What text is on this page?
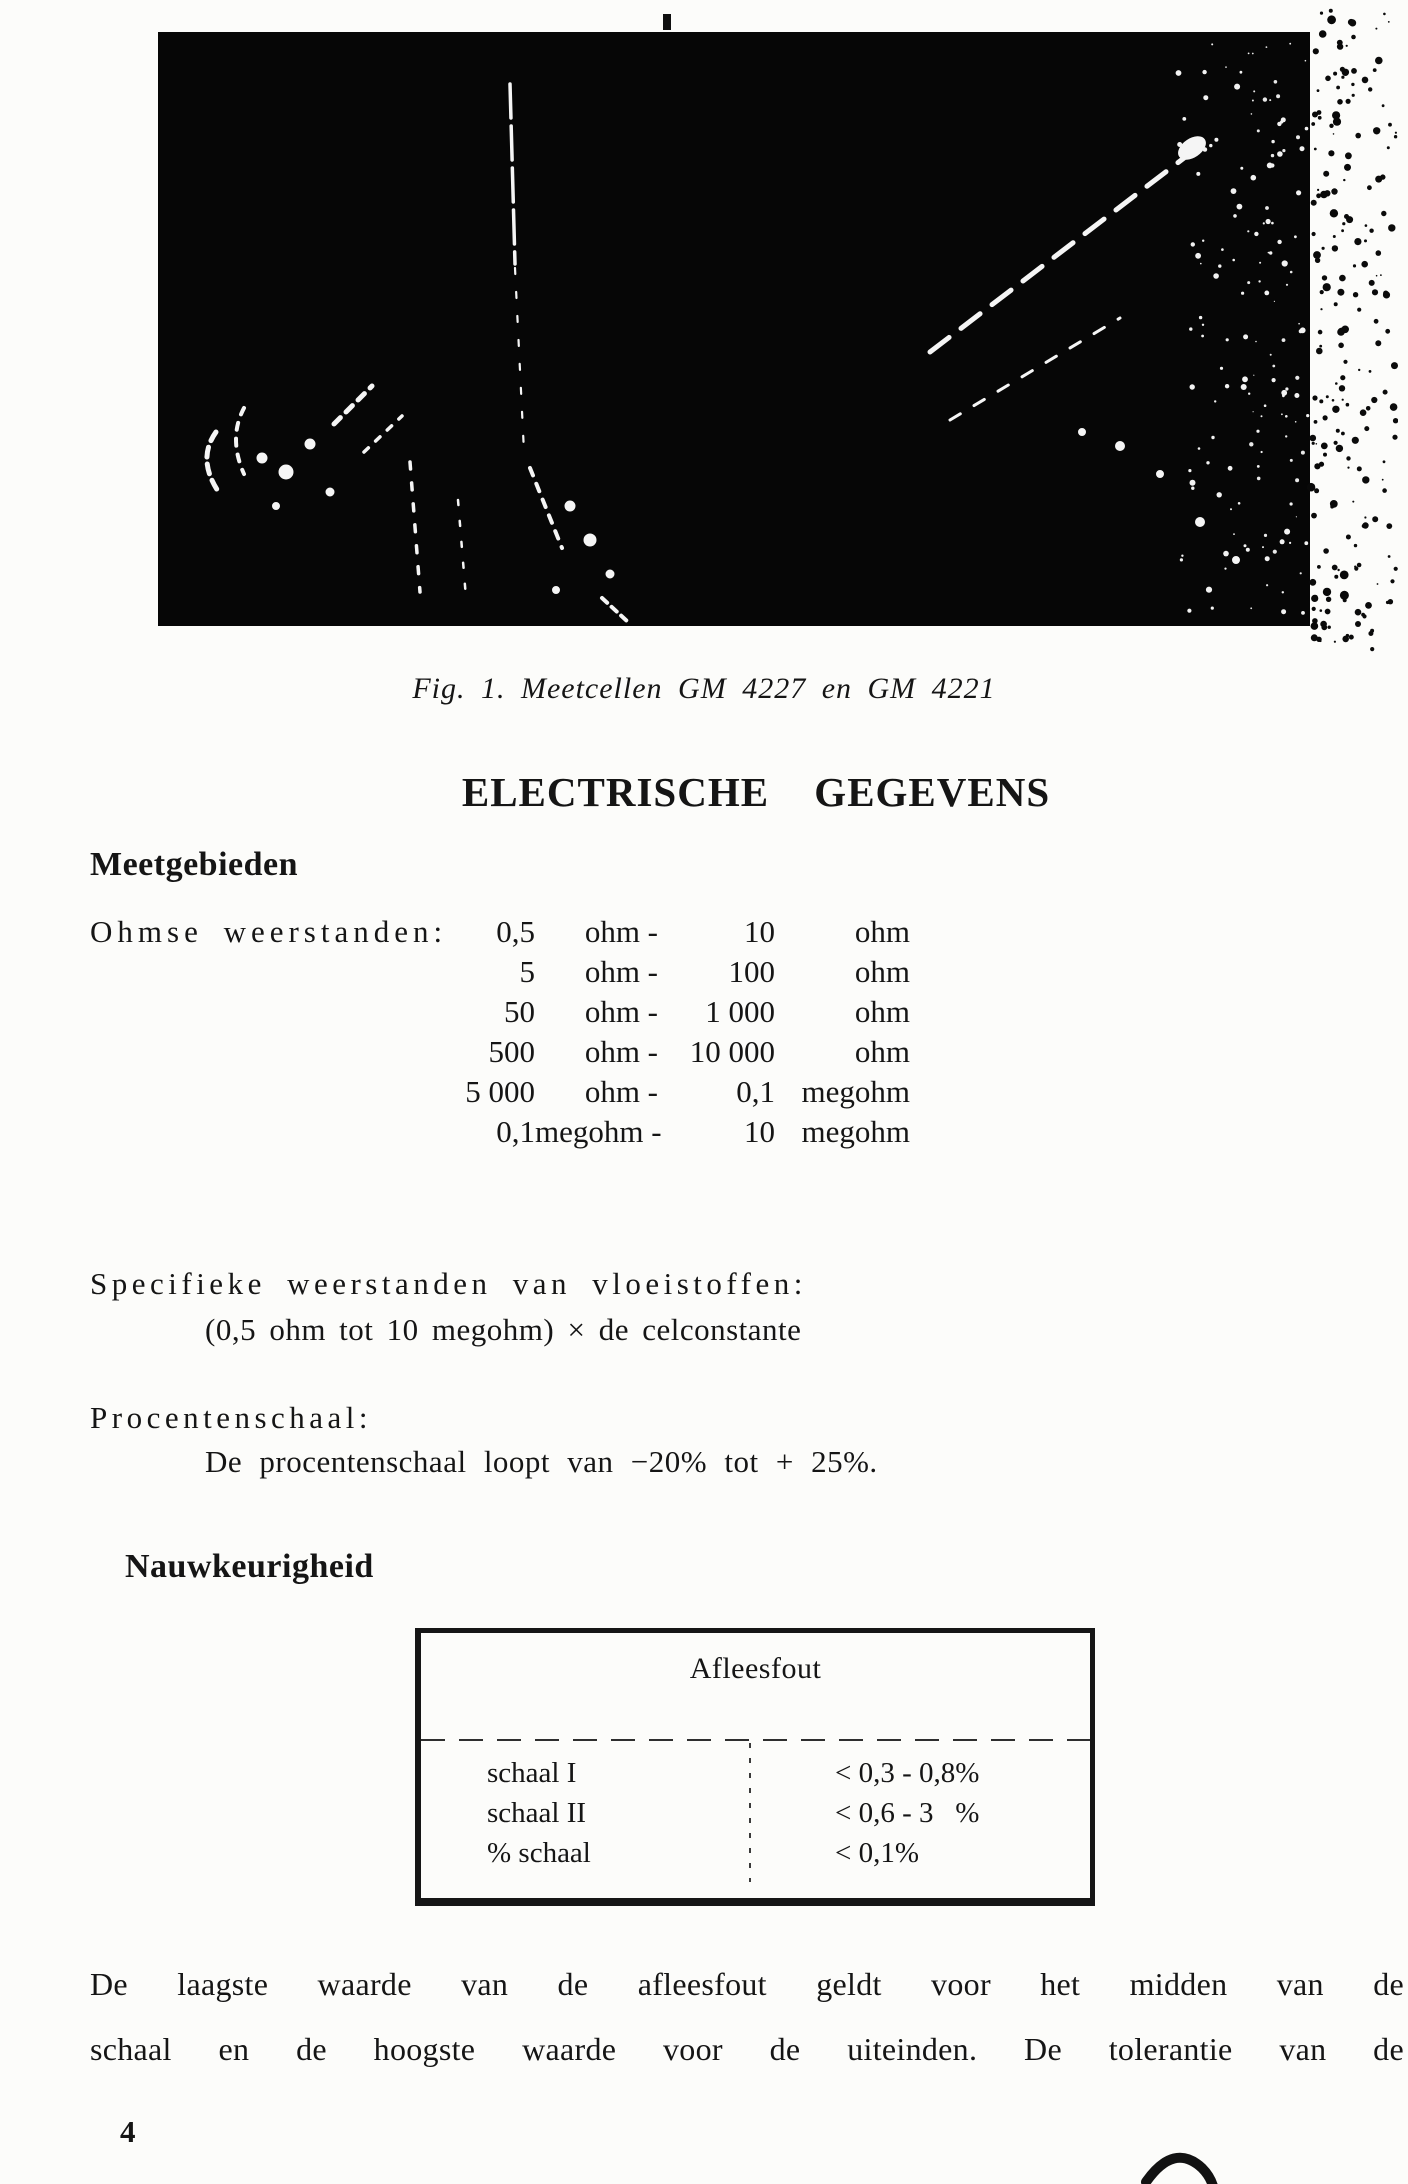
Fig. 1. Meetcellen GM 4227 en GM 4221
ELECTRISCHE GEGEVENS
Meetgebieden
Ohmse weerstanden:	0,5	ohm -	10	ohm
5	ohm -	100	ohm
50	ohm -	1 000	ohm
500	ohm -	10 000	ohm
5 000	ohm -	0,1 megohm
0,1 megohm -	10 megohm
Specifieke weerstanden van vloeistoffen:
(0,5 ohm tot 10 megohm) × de celconstante
Procentenschaal:
De procentenschaal loopt van −20% tot + 25%.
Nauwkeurigheid
Afleesfout
schaal I	< 0,3 - 0,8%
schaal II	< 0,6 - 3   %
% schaal	< 0,1%
De laagste waarde van de afleesfout geldt voor het midden van de
schaal en de hoogste waarde voor de uiteinden. De tolerantie van de
4
